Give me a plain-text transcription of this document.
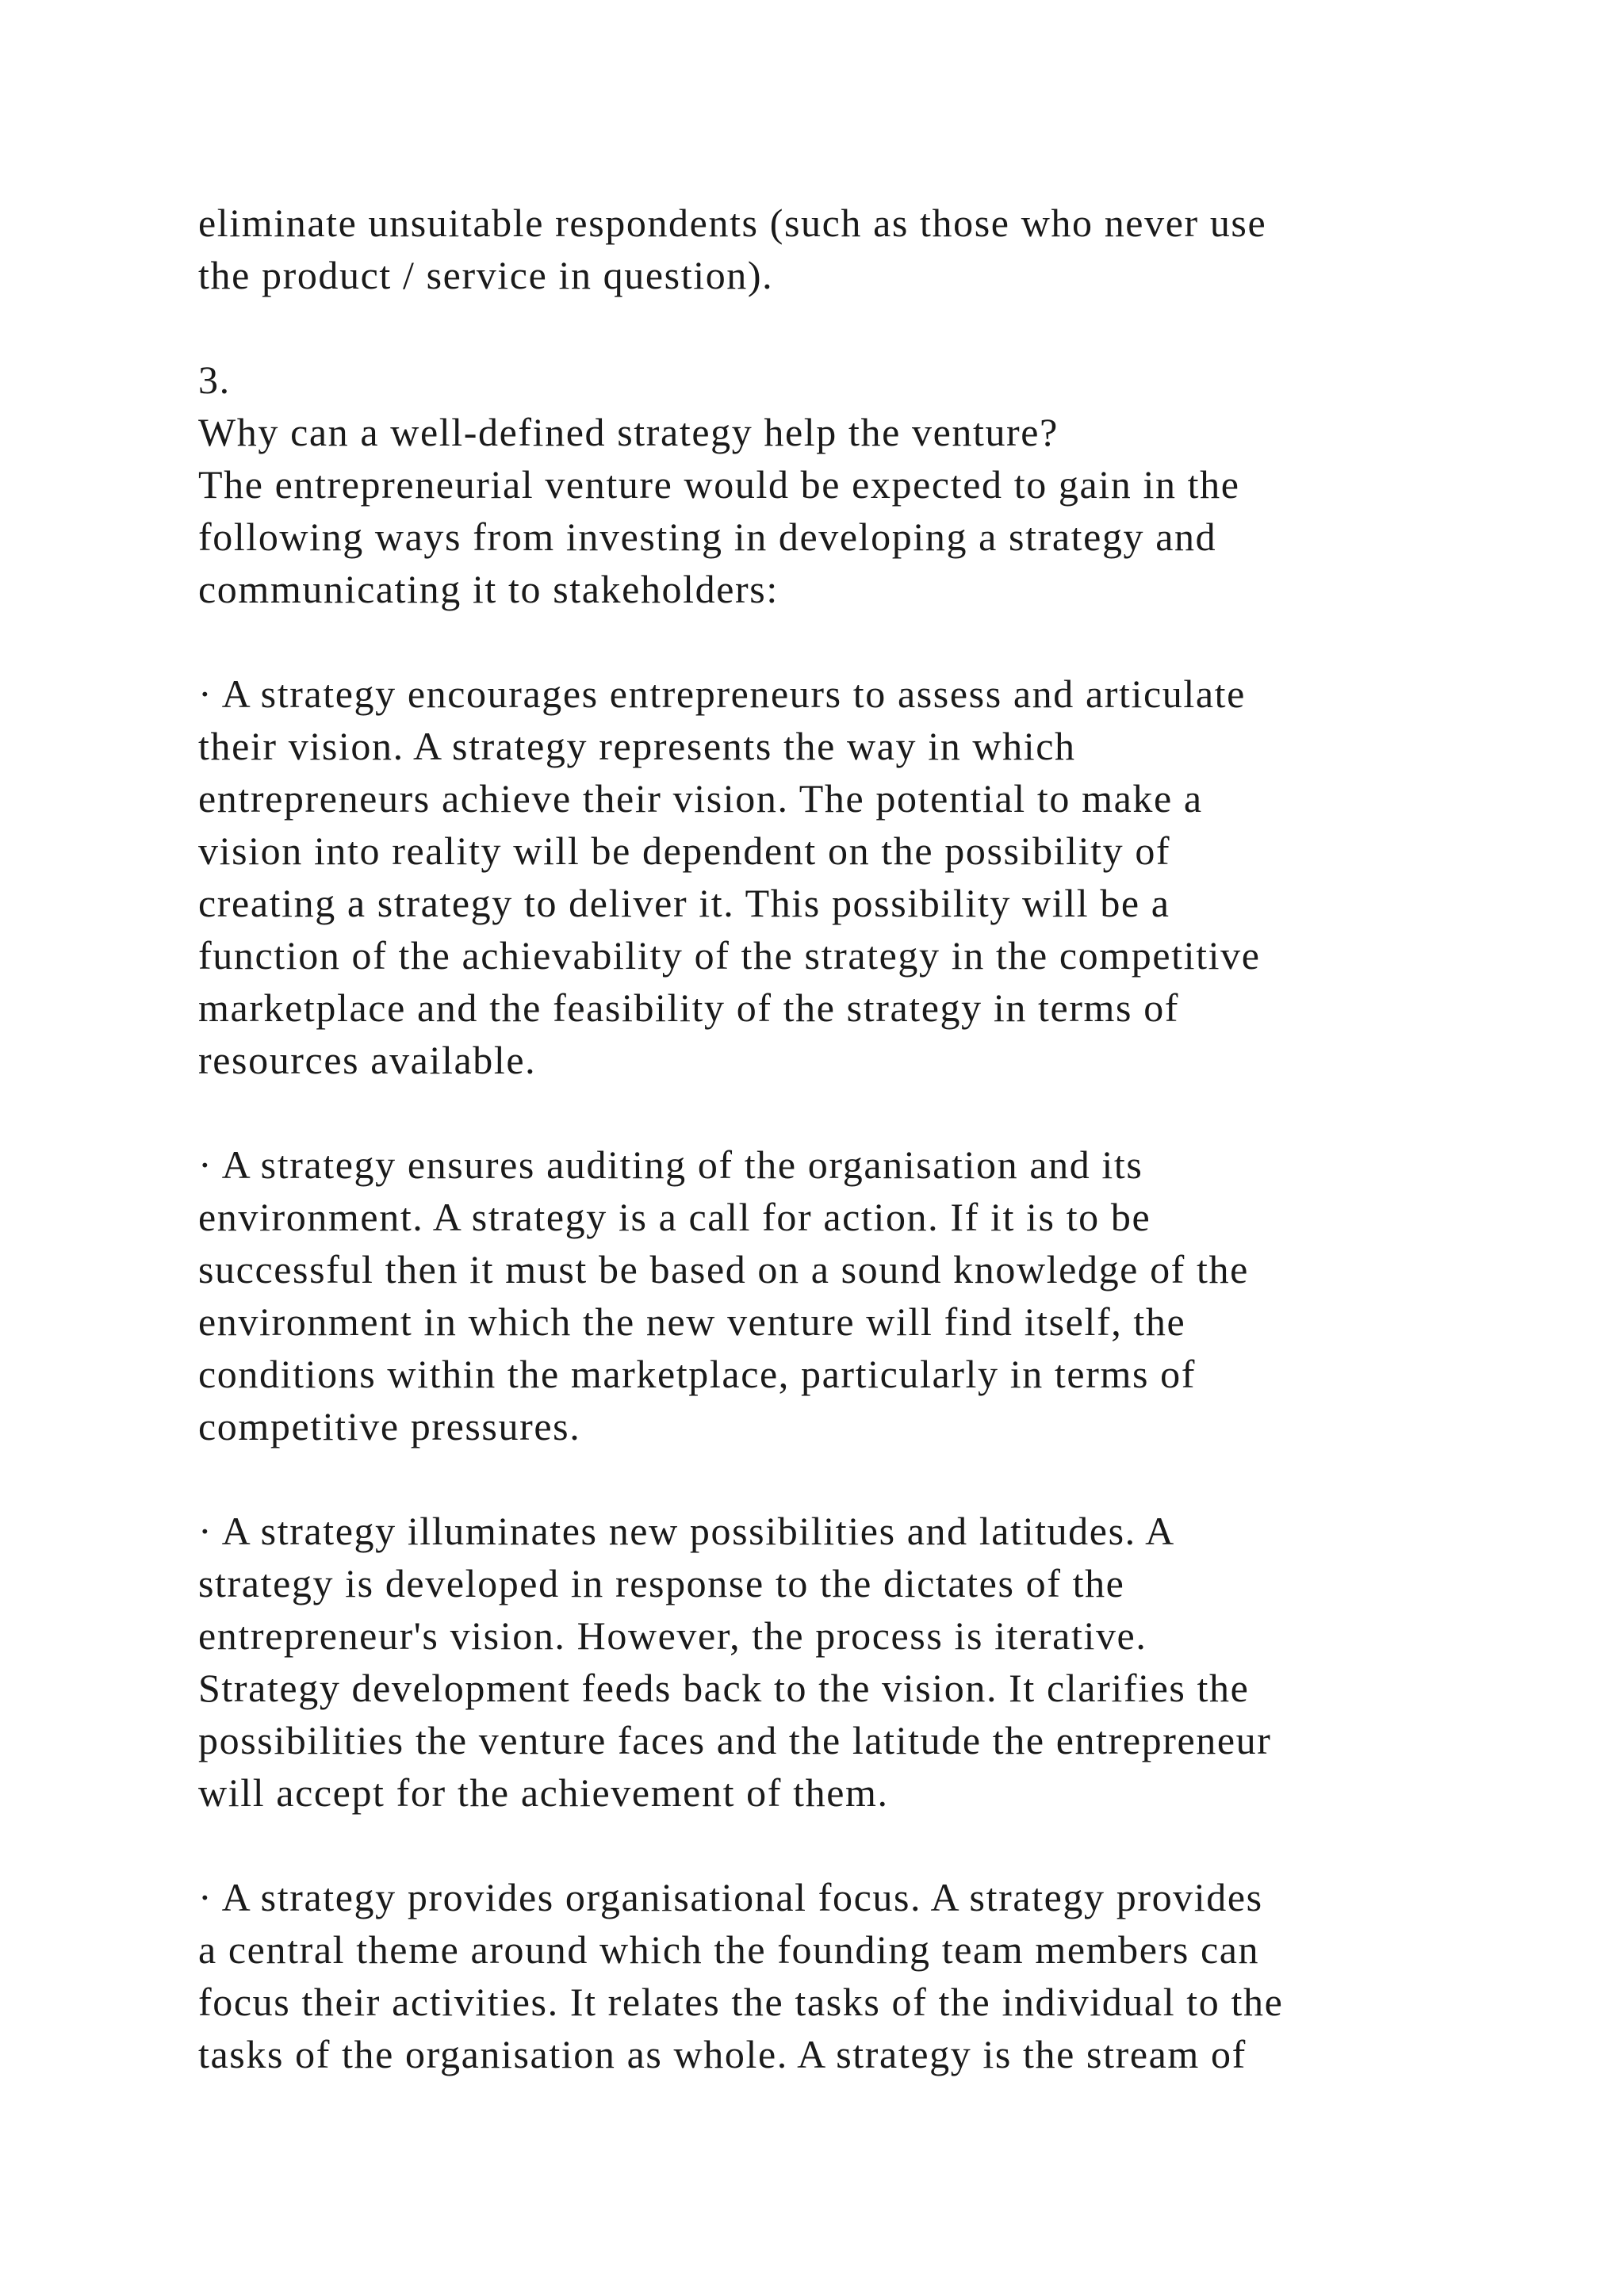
eliminate unsuitable respondents (such as those who never use
the product / service in question).
3.
Why can a well-defined strategy help the venture?
The entrepreneurial venture would be expected to gain in the
following ways from investing in developing a strategy and
communicating it to stakeholders:
· A strategy encourages entrepreneurs to assess and articulate
their vision. A strategy represents the way in which
entrepreneurs achieve their vision. The potential to make a
vision into reality will be dependent on the possibility of
creating a strategy to deliver it. This possibility will be a
function of the achievability of the strategy in the competitive
marketplace and the feasibility of the strategy in terms of
resources available.
· A strategy ensures auditing of the organisation and its
environment. A strategy is a call for action. If it is to be
successful then it must be based on a sound knowledge of the
environment in which the new venture will find itself, the
conditions within the marketplace, particularly in terms of
competitive pressures.
· A strategy illuminates new possibilities and latitudes. A
strategy is developed in response to the dictates of the
entrepreneur's vision. However, the process is iterative.
Strategy development feeds back to the vision. It clarifies the
possibilities the venture faces and the latitude the entrepreneur
will accept for the achievement of them.
· A strategy provides organisational focus. A strategy provides
a central theme around which the founding team members can
focus their activities. It relates the tasks of the individual to the
tasks of the organisation as whole. A strategy is the stream of
